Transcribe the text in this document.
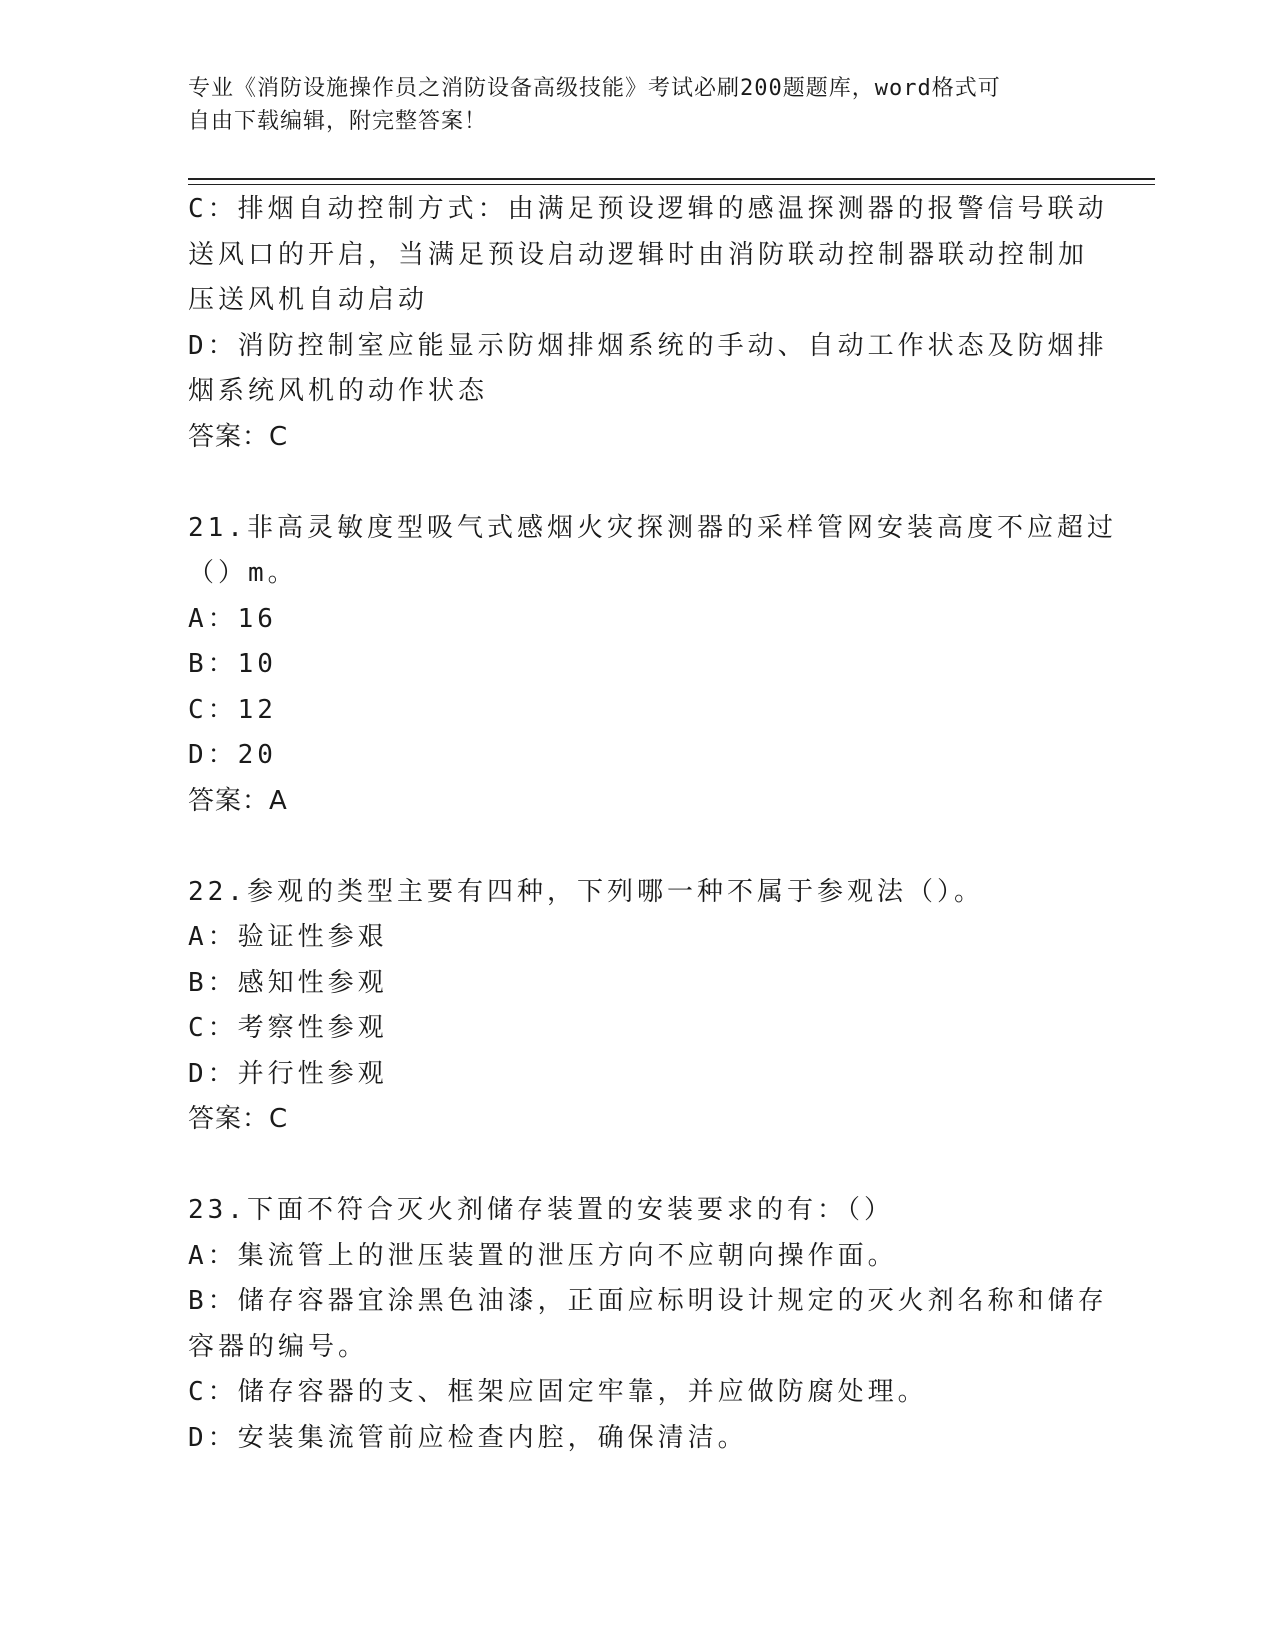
专业《消防设施操作员之消防设备高级技能》考试必刷200题题库，word格式可
自由下载编辑，附完整答案！
C：排烟自动控制方式：由满足预设逻辑的感温探测器的报警信号联动
送风口的开启，当满足预设启动逻辑时由消防联动控制器联动控制加
压送风机自动启动
D：消防控制室应能显示防烟排烟系统的手动、自动工作状态及防烟排
烟系统风机的动作状态
答案：C
21.非高灵敏度型吸气式感烟火灾探测器的采样管网安装高度不应超过
（）m。
A：16
B：10
C：12
D：20
答案：A
22.参观的类型主要有四种，下列哪一种不属于参观法（）。
A：验证性参艰
B：感知性参观
C：考察性参观
D：并行性参观
答案：C
23.下面不符合灭火剂储存装置的安装要求的有：（）
A：集流管上的泄压装置的泄压方向不应朝向操作面。
B：储存容器宜涂黑色油漆，正面应标明设计规定的灭火剂名称和储存
容器的编号。
C：储存容器的支、框架应固定牢靠，并应做防腐处理。
D：安装集流管前应检查内腔，确保清洁。
